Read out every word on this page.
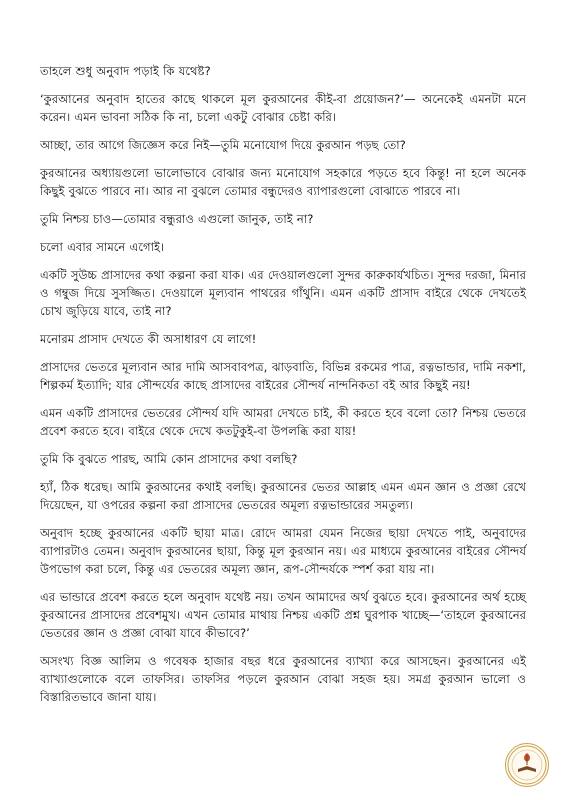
তাহলে শুধু অনুবাদ পড়াই কি যথেষ্ট?

‘কুরআনের অনুবাদ হাতের কাছে থাকলে মূল কুরআনের কীই-বা প্রয়োজন?’— অনেকেই এমনটা মনে করেন। এমন ভাবনা সঠিক কি না, চলো একটু বোঝার চেষ্টা করি।

আচ্ছা, তার আগে জিজ্ঞেস করে নিই—তুমি মনোযোগ দিয়ে কুরআন পড়ছ তো?

কুরআনের অধ্যায়গুলো ভালোভাবে বোঝার জন্য মনোযোগ সহকারে পড়তে হবে কিন্তু! না হলে অনেক কিছুই বুঝতে পারবে না। আর না বুঝলে তোমার বন্ধুদেরও ব্যাপারগুলো বোঝাতে পারবে না।

তুমি নিশ্চয় চাও—তোমার বন্ধুরাও এগুলো জানুক, তাই না?

চলো এবার সামনে এগোই।

একটি সুউচ্চ প্রাসাদের কথা কল্পনা করা যাক। এর দেওয়ালগুলো সুন্দর কারুকার্যখচিত। সুন্দর দরজা, মিনার ও গম্বুজ দিয়ে সুসজ্জিত। দেওয়ালে মূল্যবান পাথরের গাঁথুনি। এমন একটি প্রাসাদ বাইরে থেকে দেখতেই চোখ জুড়িয়ে যাবে, তাই না?

মনোরম প্রাসাদ দেখতে কী অসাধারণ যে লাগে!

প্রাসাদের ভেতরে মূল্যবান আর দামি আসবাবপত্র, ঝাড়বাতি, বিভিন্ন রকমের পাত্র, রত্নভান্ডার, দামি নকশা, শিল্পকর্ম ইত্যাদি; যার সৌন্দর্যের কাছে প্রাসাদের বাইরের সৌন্দর্য নান্দনিকতা বই আর কিছুই নয়!

এমন একটি প্রাসাদের ভেতরের সৌন্দর্য যদি আমরা দেখতে চাই, কী করতে হবে বলো তো? নিশ্চয় ভেতরে প্রবেশ করতে হবে। বাইরে থেকে দেখে কতটুকুই-বা উপলব্ধি করা যায়!

তুমি কি বুঝতে পারছ, আমি কোন প্রাসাদের কথা বলছি?

হ্যাঁ, ঠিক ধরেছ। আমি কুরআনের কথাই বলছি। কুরআনের ভেতর আল্লাহ এমন এমন জ্ঞান ও প্রজ্ঞা রেখে দিয়েছেন, যা ওপরের কল্পনা করা প্রাসাদের ভেতরের অমূল্য রত্নভান্ডারের সমতুল্য।

অনুবাদ হচ্ছে কুরআনের একটি ছায়া মাত্র। রোদে আমরা যেমন নিজের ছায়া দেখতে পাই, অনুবাদের ব্যাপারটাও তেমন। অনুবাদ কুরআনের ছায়া, কিন্তু মূল কুরআন নয়। এর মাধ্যমে কুরআনের বাইরের সৌন্দর্য উপভোগ করা চলে, কিন্তু এর ভেতরের অমূল্য জ্ঞান, রূপ-সৌন্দর্যকে স্পর্শ করা যায় না।

এর ভান্ডারে প্রবেশ করতে হলে অনুবাদ যথেষ্ট নয়। তখন আমাদের অর্থ বুঝতে হবে। কুরআনের অর্থ হচ্ছে কুরআনের প্রাসাদের প্রবেশমুখ। এখন তোমার মাথায় নিশ্চয় একটি প্রশ্ন ঘুরপাক খাচ্ছে—‘তাহলে কুরআনের ভেতরের জ্ঞান ও প্রজ্ঞা বোঝা যাবে কীভাবে?’

অসংখ্য বিজ্ঞ আলিম ও গবেষক হাজার বছর ধরে কুরআনের ব্যাখ্যা করে আসছেন। কুরআনের এই ব্যাখ্যাগুলোকে বলে তাফসির। তাফসির পড়লে কুরআন বোঝা সহজ হয়। সমগ্র কুরআন ভালো ও বিস্তারিতভাবে জানা যায়।
